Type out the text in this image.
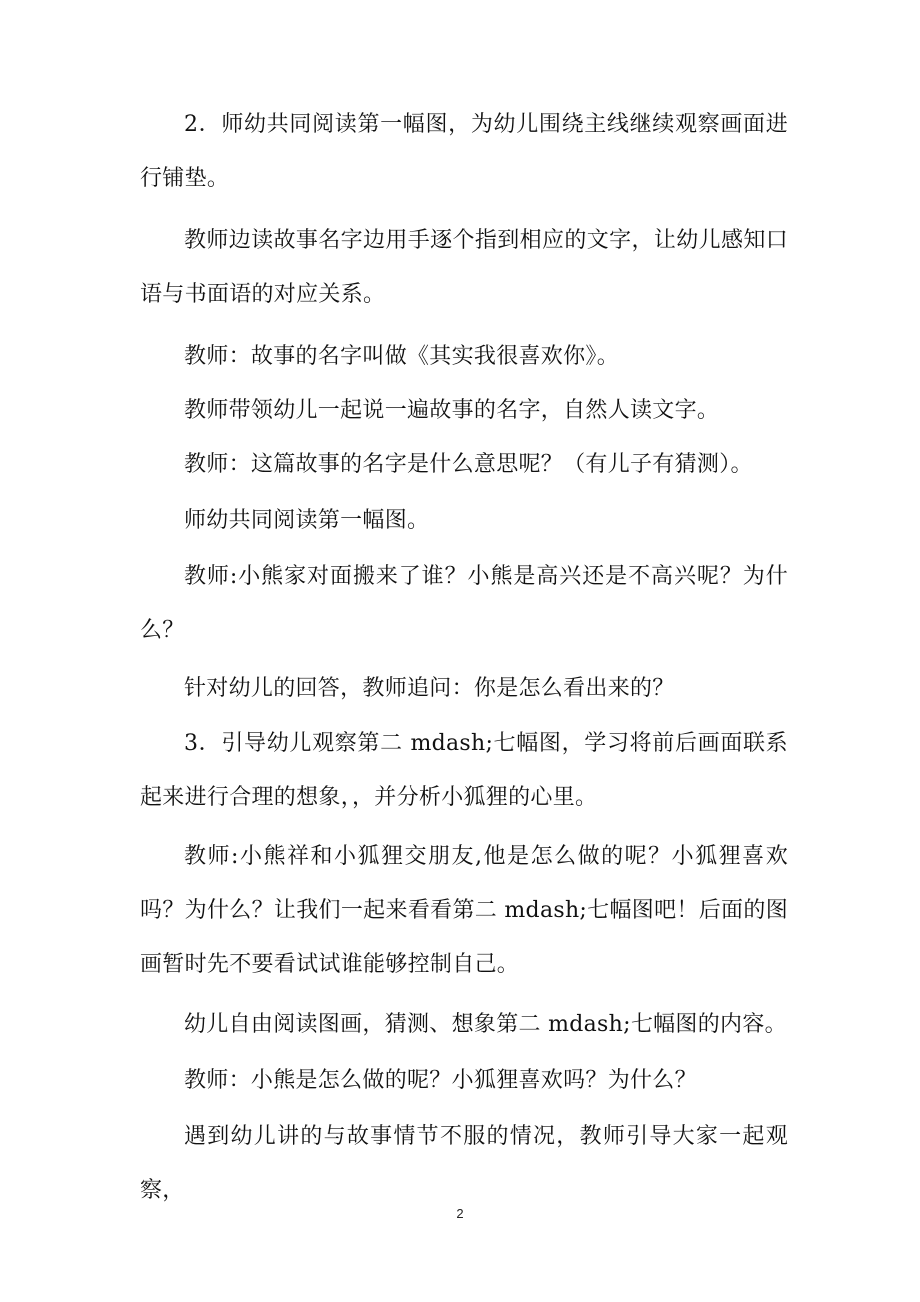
2．师幼共同阅读第一幅图，为幼儿围绕主线继续观察画面进行铺垫。

教师边读故事名字边用手逐个指到相应的文字，让幼儿感知口语与书面语的对应关系。

教师：故事的名字叫做《其实我很喜欢你》。

教师带领幼儿一起说一遍故事的名字，自然人读文字。

教师：这篇故事的名字是什么意思呢？（有儿子有猜测）。

师幼共同阅读第一幅图。

教师:小熊家对面搬来了谁？小熊是高兴还是不高兴呢？为什么？

针对幼儿的回答，教师追问：你是怎么看出来的？

3．引导幼儿观察第二 mdash;七幅图，学习将前后画面联系起来进行合理的想象，，并分析小狐狸的心里。

教师:小熊祥和小狐狸交朋友,他是怎么做的呢？小狐狸喜欢吗？为什么？让我们一起来看看第二 mdash;七幅图吧！后面的图画暂时先不要看试试谁能够控制自己。

幼儿自由阅读图画，猜测、想象第二 mdash;七幅图的内容。

教师：小熊是怎么做的呢？小狐狸喜欢吗？为什么？

遇到幼儿讲的与故事情节不服的情况，教师引导大家一起观察，

2
